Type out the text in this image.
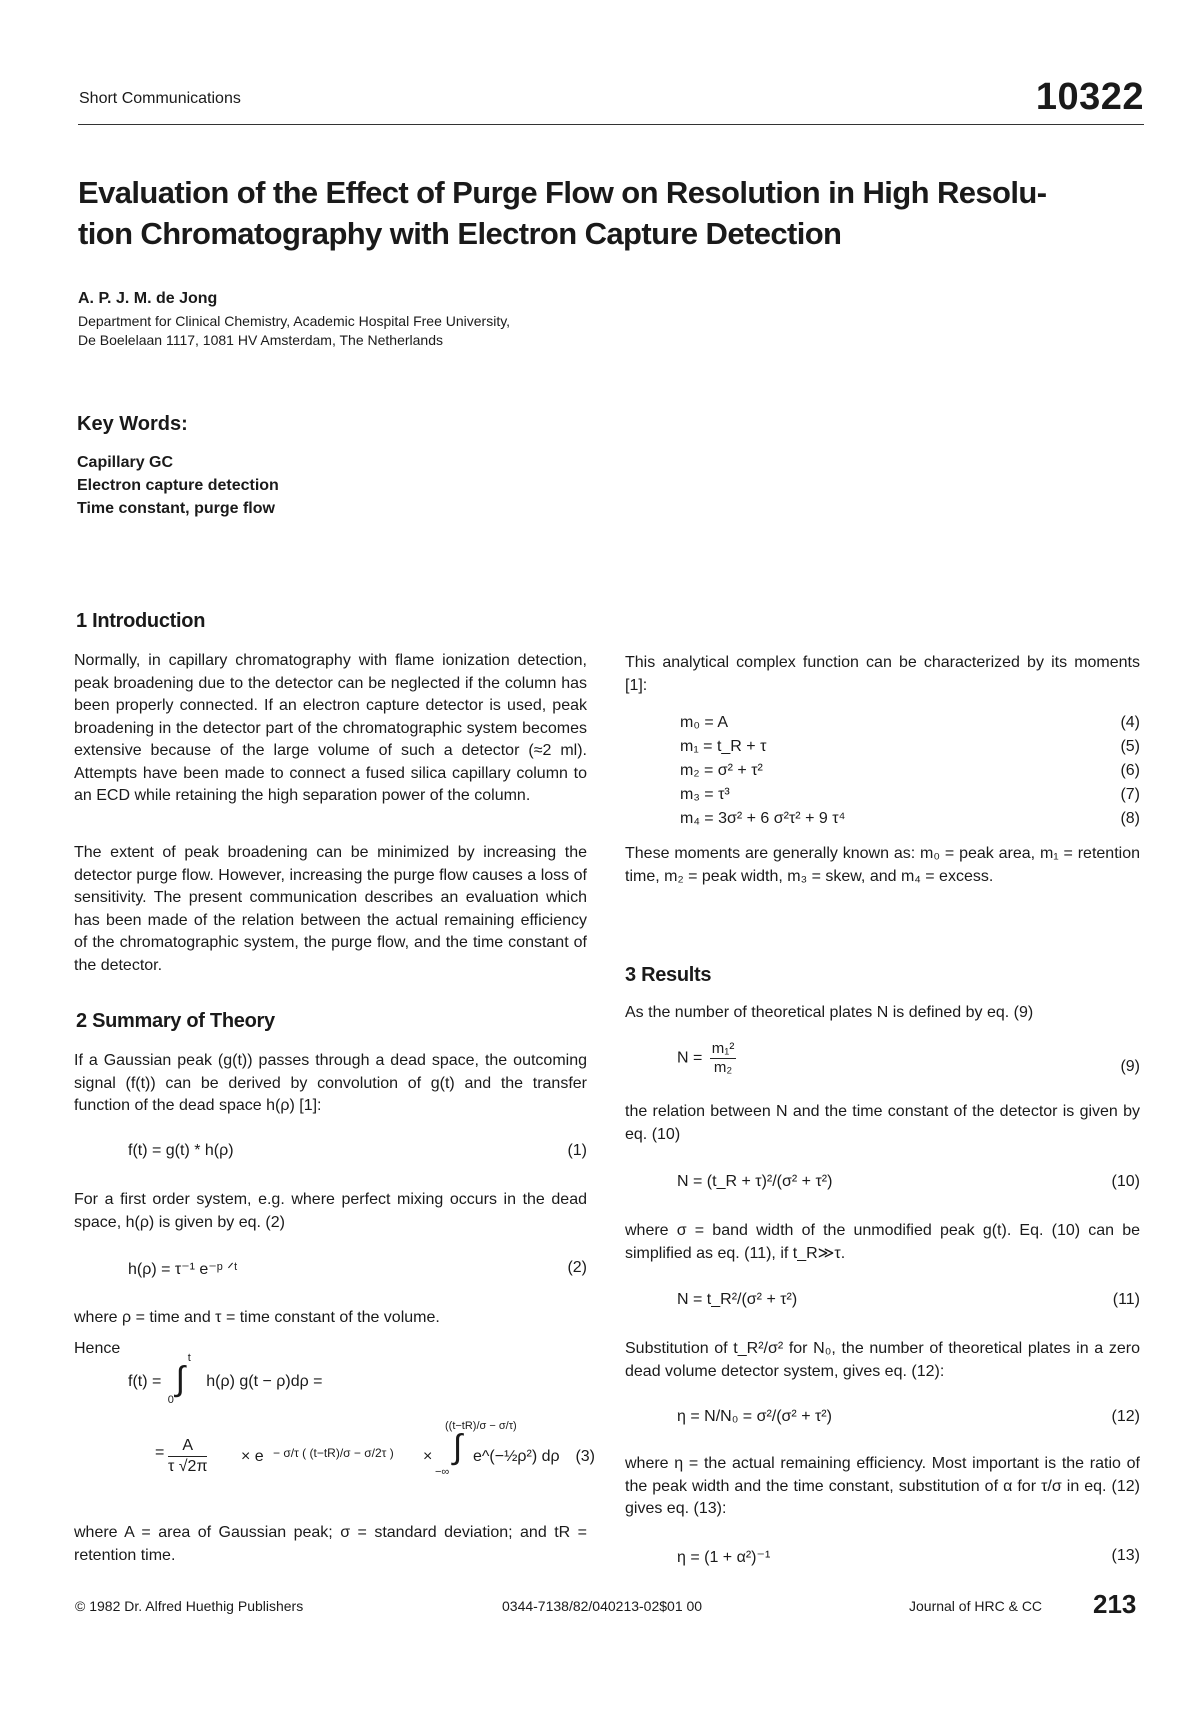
Short Communications	10322
Evaluation of the Effect of Purge Flow on Resolution in High Resolu-
tion Chromatography with Electron Capture Detection
A. P. J. M. de Jong
Department for Clinical Chemistry, Academic Hospital Free University,
De Boelelaan 1117, 1081 HV Amsterdam, The Netherlands
Key Words:
Capillary GC
Electron capture detection
Time constant, purge flow
1 Introduction
Normally, in capillary chromatography with flame ionization detection, peak broadening due to the detector can be neglected if the column has been properly connected. If an electron capture detector is used, peak broadening in the detector part of the chromatographic system becomes extensive because of the large volume of such a detector (≈2 ml). Attempts have been made to connect a fused silica capillary column to an ECD while retaining the high separation power of the column.
The extent of peak broadening can be minimized by increasing the detector purge flow. However, increasing the purge flow causes a loss of sensitivity. The present communication describes an evaluation which has been made of the relation between the actual remaining efficiency of the chromatographic system, the purge flow, and the time constant of the detector.
2 Summary of Theory
If a Gaussian peak (g(t)) passes through a dead space, the outcoming signal (f(t)) can be derived by convolution of g(t) and the transfer function of the dead space h(ρ) [1]:
f(t) = g(t) * h(ρ)	(1)
For a first order system, e.g. where perfect mixing occurs in the dead space, h(ρ) is given by eq. (2)
h(ρ) = τ⁻¹ e⁻ᵖ ᐟᵗ	(2)
where ρ = time and τ = time constant of the volume.
Hence
f(t) = ∫
t
0
h(ρ) g(t − ρ)dρ =
= $\frac{A}{\tau √2\pi} \times e - \sigma/\tau$ ( (t−tR)/σ − σ/2τ ) ×
((t−tR)/σ − σ/τ)
∫
−∞
e^(−½ρ²) dρ (3)
where A = area of Gaussian peak; σ = standard deviation; and tR = retention time.
This analytical complex function can be characterized by its moments [1]:
m₀ = A	(4)
m₁ = t_R + τ	(5)
m₂ = σ² + τ²	(6)
m₃ = τ³	(7)
m₄ = 3σ² + 6 σ²τ² + 9 τ⁴	(8)
These moments are generally known as: m₀ = peak area, m₁ = retention time, m₂ = peak width, m₃ = skew, and m₄ = excess.
3 Results
As the number of theoretical plates N is defined by eq. (9)
$N = \frac{\text{m₁²}}{\text{m₂}}$	(9)
the relation between N and the time constant of the detector is given by eq. (10)
N = (t_R + τ)²/(σ² + τ²)	(10)
where σ = band width of the unmodified peak g(t). Eq. (10) can be simplified as eq. (11), if t_R≫τ.
N = t_R²/(σ² + τ²)	(11)
Substitution of t_R²/σ² for N₀, the number of theoretical plates in a zero dead volume detector system, gives eq. (12):
η = N/N₀ = σ²/(σ² + τ²)	(12)
where η = the actual remaining efficiency. Most important is the ratio of the peak width and the time constant, substitution of α for τ/σ in eq. (12) gives eq. (13):
η = (1 + α²)⁻¹	(13)
© 1982 Dr. Alfred Huethig Publishers	0344-7138/82/040213-02$01 00	Journal of HRC & CC 213
